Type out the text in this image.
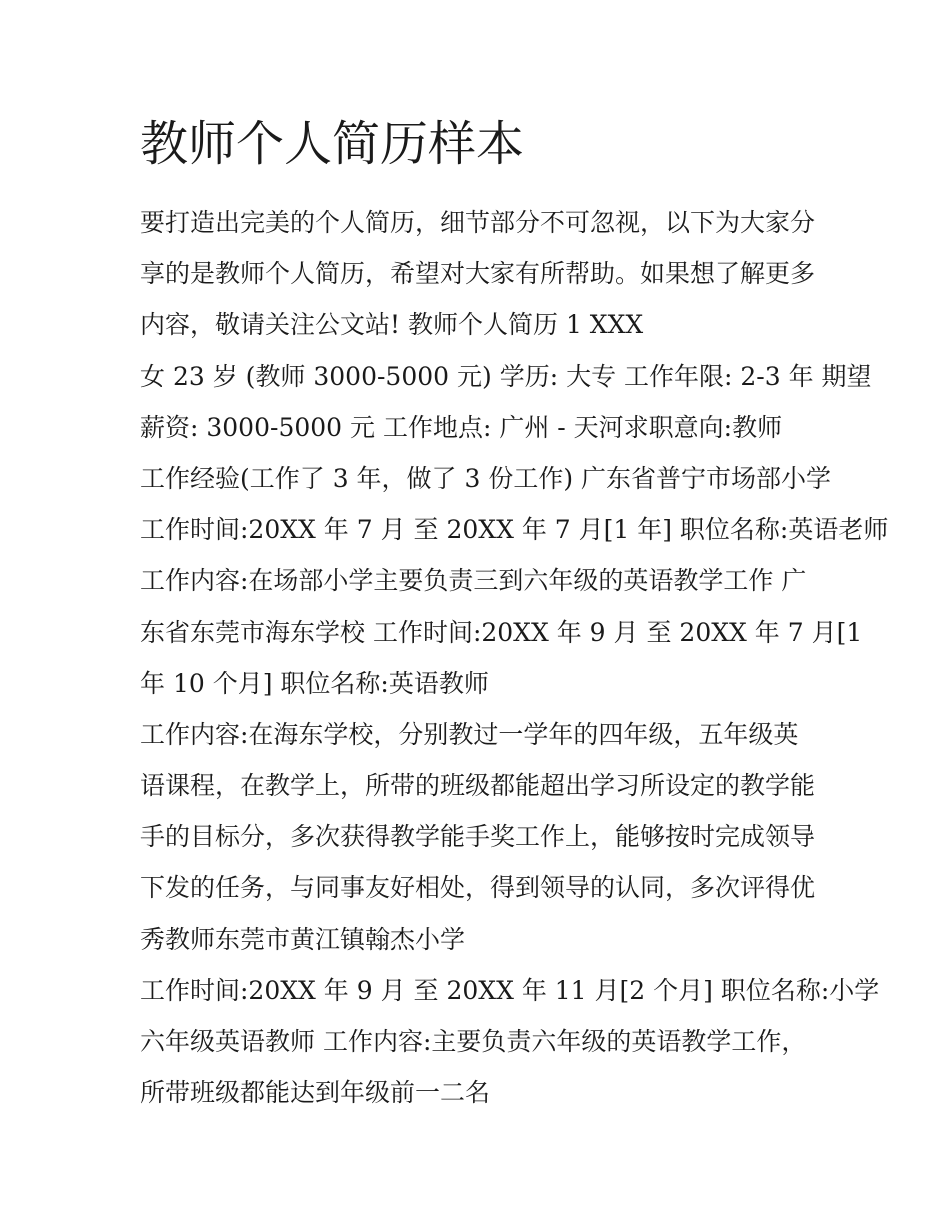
教师个人简历样本
要打造出完美的个人简历，细节部分不可忽视，以下为大家分
享的是教师个人简历，希望对大家有所帮助。如果想了解更多
内容，敬请关注公文站! 教师个人简历 1 XXX
女 23 岁 (教师 3000-5000 元) 学历: 大专 工作年限: 2-3 年 期望
薪资: 3000-5000 元 工作地点: 广州 - 天河求职意向:教师
工作经验(工作了 3 年，做了 3 份工作) 广东省普宁市场部小学
工作时间:20XX 年 7 月 至 20XX 年 7 月[1 年] 职位名称:英语老师
工作内容:在场部小学主要负责三到六年级的英语教学工作 广
东省东莞市海东学校 工作时间:20XX 年 9 月 至 20XX 年 7 月[1
年 10 个月] 职位名称:英语教师
工作内容:在海东学校，分别教过一学年的四年级，五年级英
语课程，在教学上，所带的班级都能超出学习所设定的教学能
手的目标分，多次获得教学能手奖工作上，能够按时完成领导
下发的任务，与同事友好相处，得到领导的认同，多次评得优
秀教师东莞市黄江镇翰杰小学
工作时间:20XX 年 9 月 至 20XX 年 11 月[2 个月] 职位名称:小学
六年级英语教师 工作内容:主要负责六年级的英语教学工作，
所带班级都能达到年级前一二名
